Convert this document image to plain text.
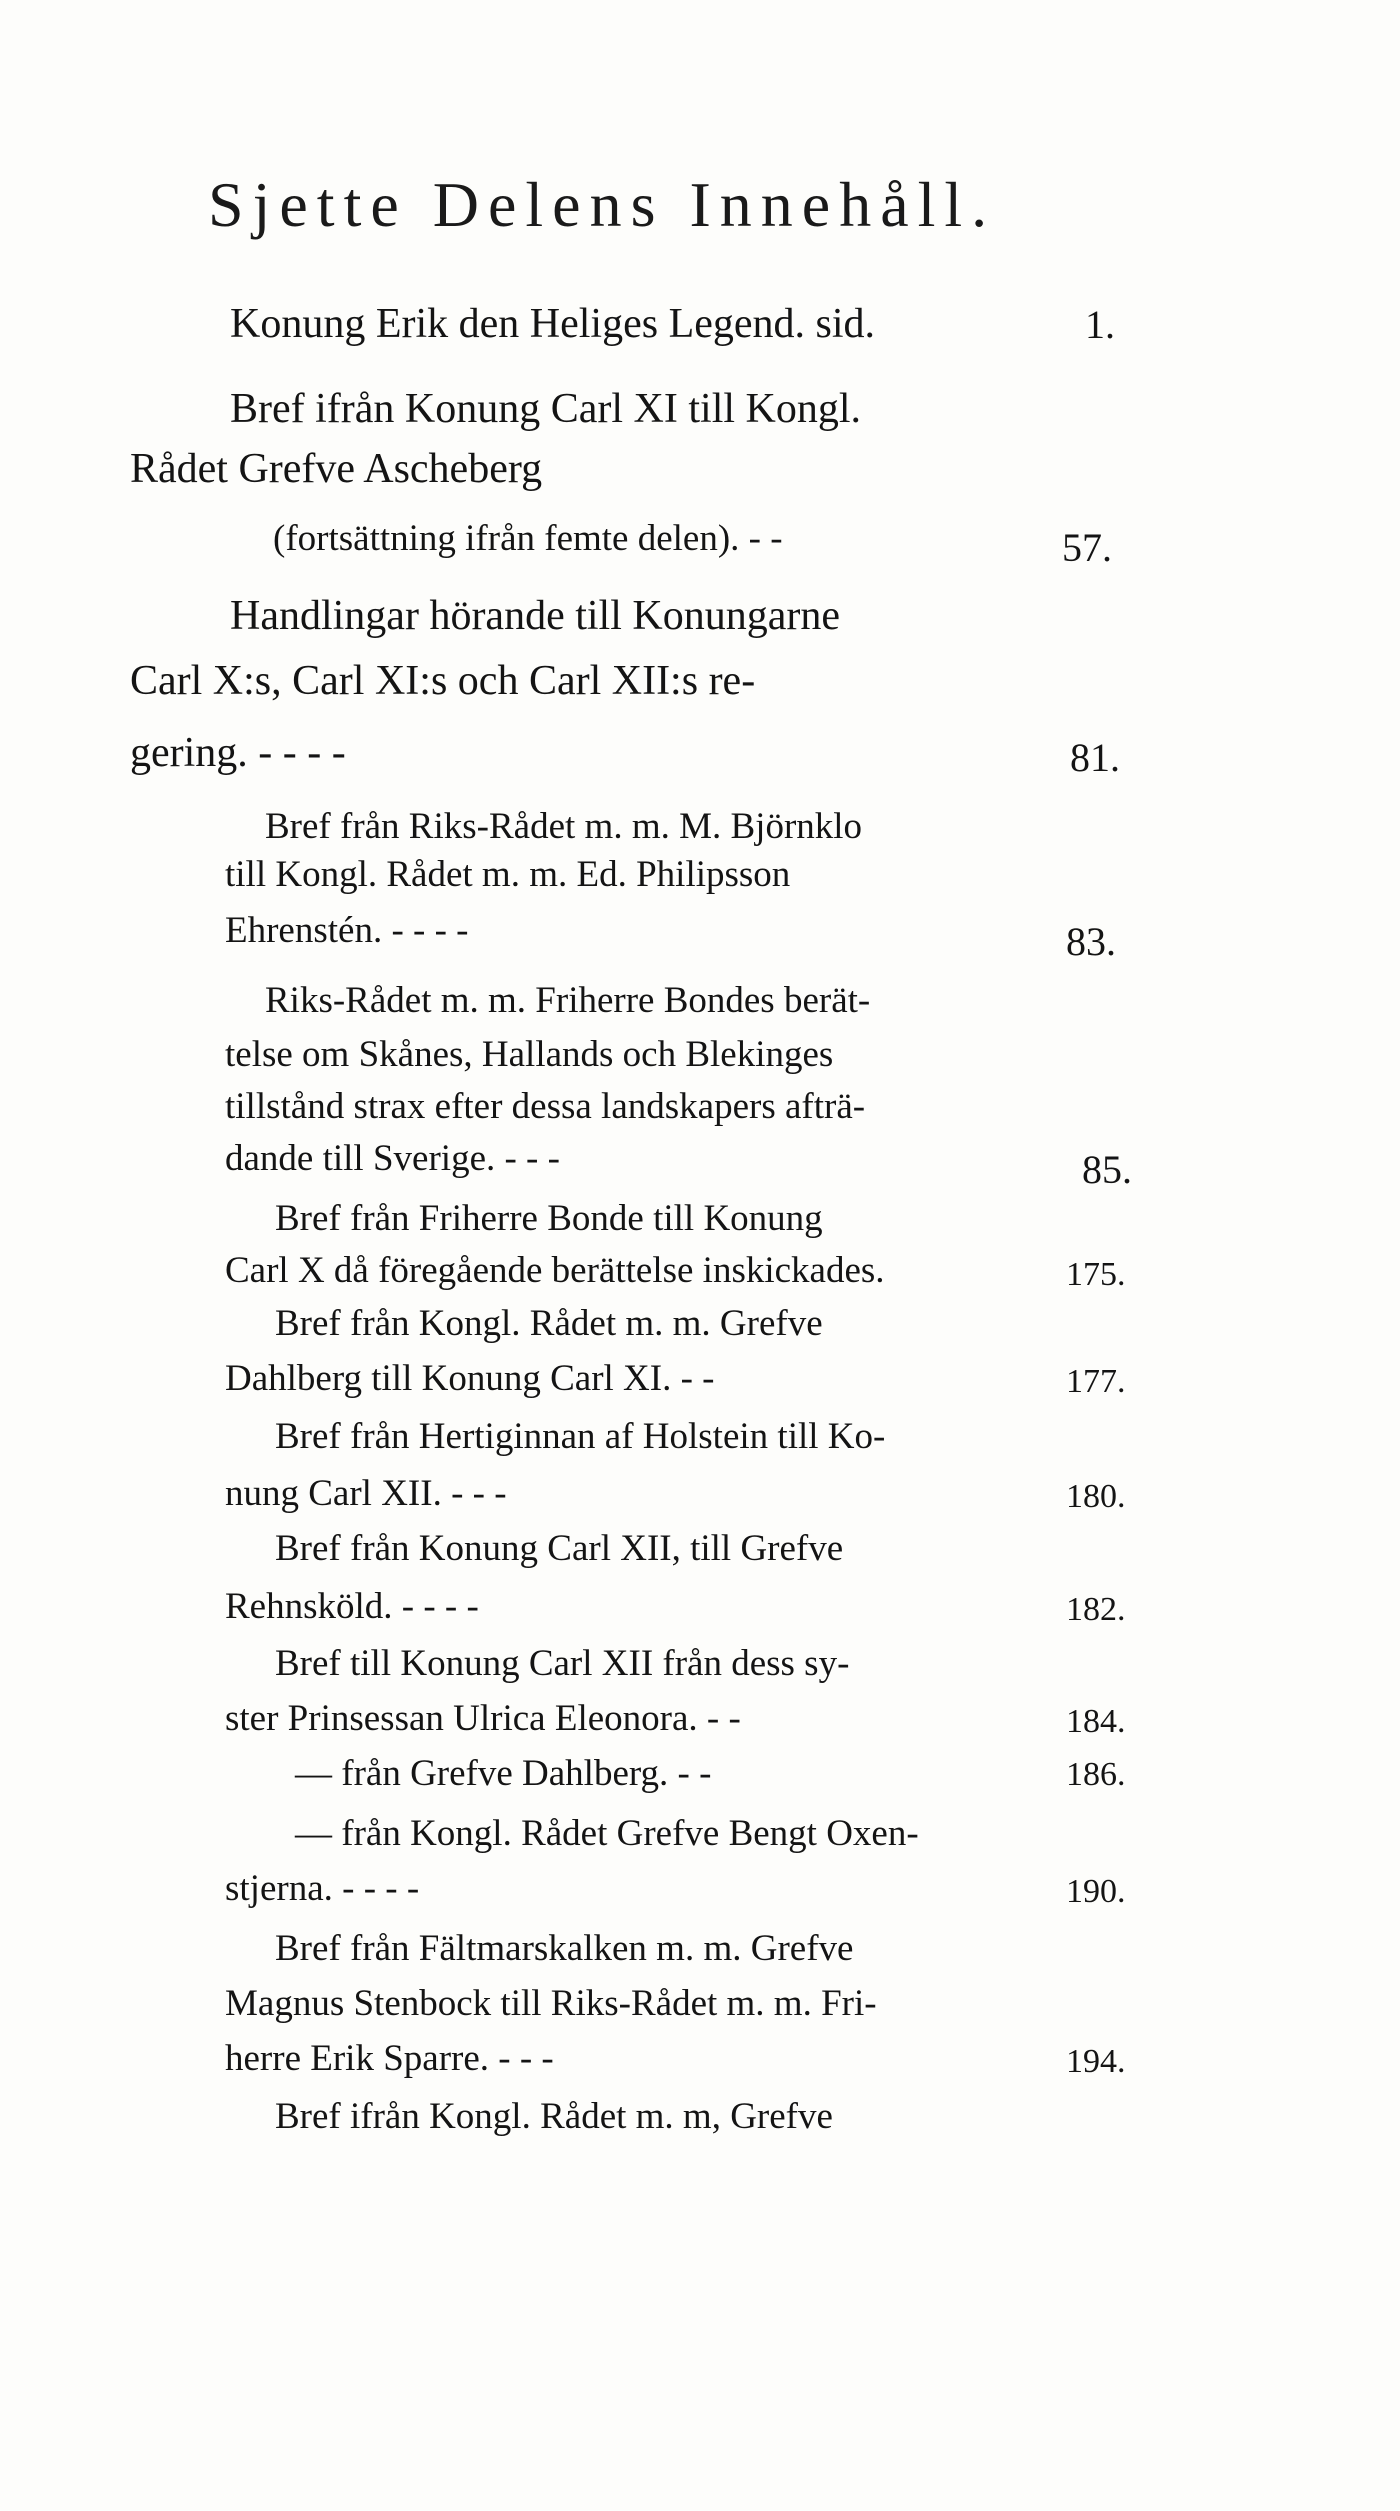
Sjette Delens Innehåll.
Konung Erik den Heliges Legend. sid.	1.
Bref ifrån Konung Carl XI till Kongl.
Rådet Grefve Ascheberg
(fortsättning ifrån femte delen). - -	57.
Handlingar hörande till Konungarne
Carl X:s, Carl XI:s och Carl XII:s re-
gering. - - - -	81.
Bref från Riks-Rådet m. m. M. Björnklo
till Kongl. Rådet m. m. Ed. Philipsson
Ehrenstén. - - - -	83.
Riks-Rådet m. m. Friherre Bondes berät-
telse om Skånes, Hallands och Blekinges
tillstånd strax efter dessa landskapers afträ-
dande till Sverige. - - -	85.
Bref från Friherre Bonde till Konung
Carl X då föregående berättelse inskickades.	175.
Bref från Kongl. Rådet m. m. Grefve
Dahlberg till Konung Carl XI. - -	177.
Bref från Hertiginnan af Holstein till Ko-
nung Carl XII. - - -	180.
Bref från Konung Carl XII, till Grefve
Rehnsköld. - - - -	182.
Bref till Konung Carl XII från dess sy-
ster Prinsessan Ulrica Eleonora. - -	184.
— från Grefve Dahlberg. - -	186.
— från Kongl. Rådet Grefve Bengt Oxen-
stjerna. - - - -	190.
Bref från Fältmarskalken m. m. Grefve
Magnus Stenbock till Riks-Rådet m. m. Fri-
herre Erik Sparre. - - -	194.
Bref ifrån Kongl. Rådet m. m, Grefve
